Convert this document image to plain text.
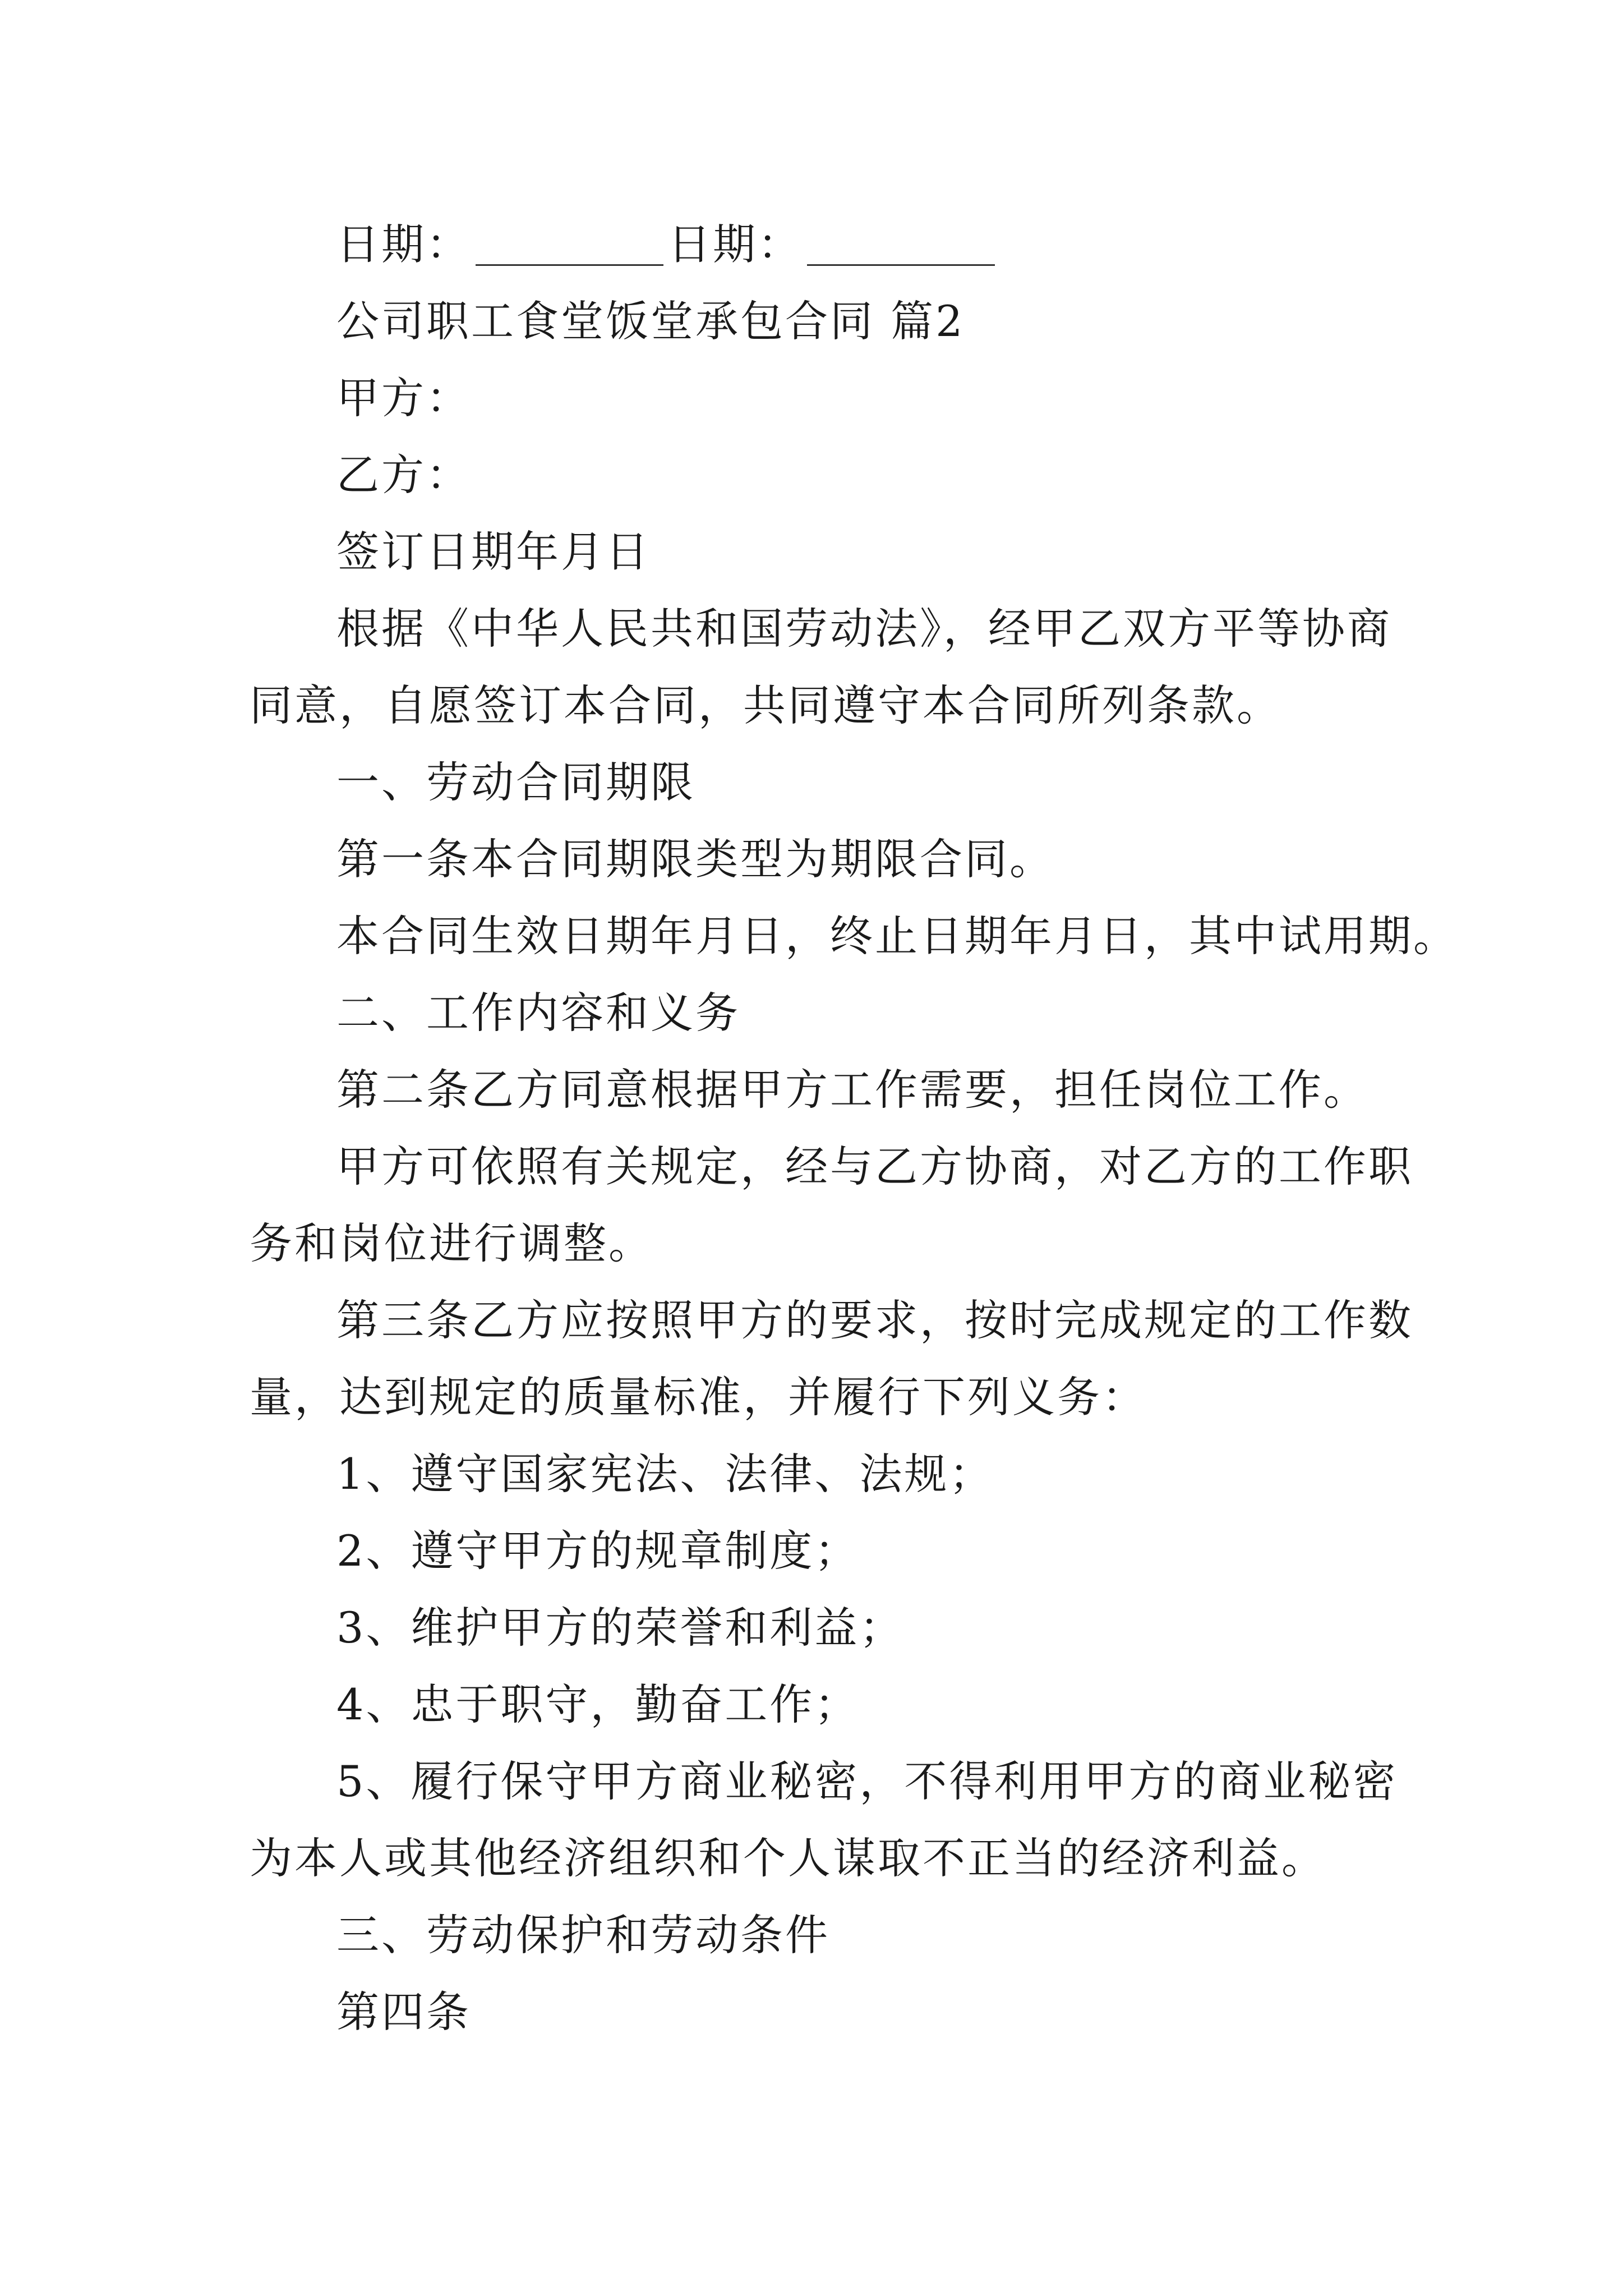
日期：	日期：
公司职工食堂饭堂承包合同 篇2
甲方：
乙方：
签订日期年月日
根据《中华人民共和国劳动法》，经甲乙双方平等协商
同意，自愿签订本合同，共同遵守本合同所列条款。
一、劳动合同期限
第一条本合同期限类型为期限合同。
本合同生效日期年月日，终止日期年月日，其中试用期。
二、工作内容和义务
第二条乙方同意根据甲方工作需要，担任岗位工作。
甲方可依照有关规定，经与乙方协商，对乙方的工作职
务和岗位进行调整。
第三条乙方应按照甲方的要求，按时完成规定的工作数
量，达到规定的质量标准，并履行下列义务：
1、遵守国家宪法、法律、法规；
2、遵守甲方的规章制度；
3、维护甲方的荣誉和利益；
4、忠于职守，勤奋工作；
5、履行保守甲方商业秘密，不得利用甲方的商业秘密
为本人或其他经济组织和个人谋取不正当的经济利益。
三、劳动保护和劳动条件
第四条
